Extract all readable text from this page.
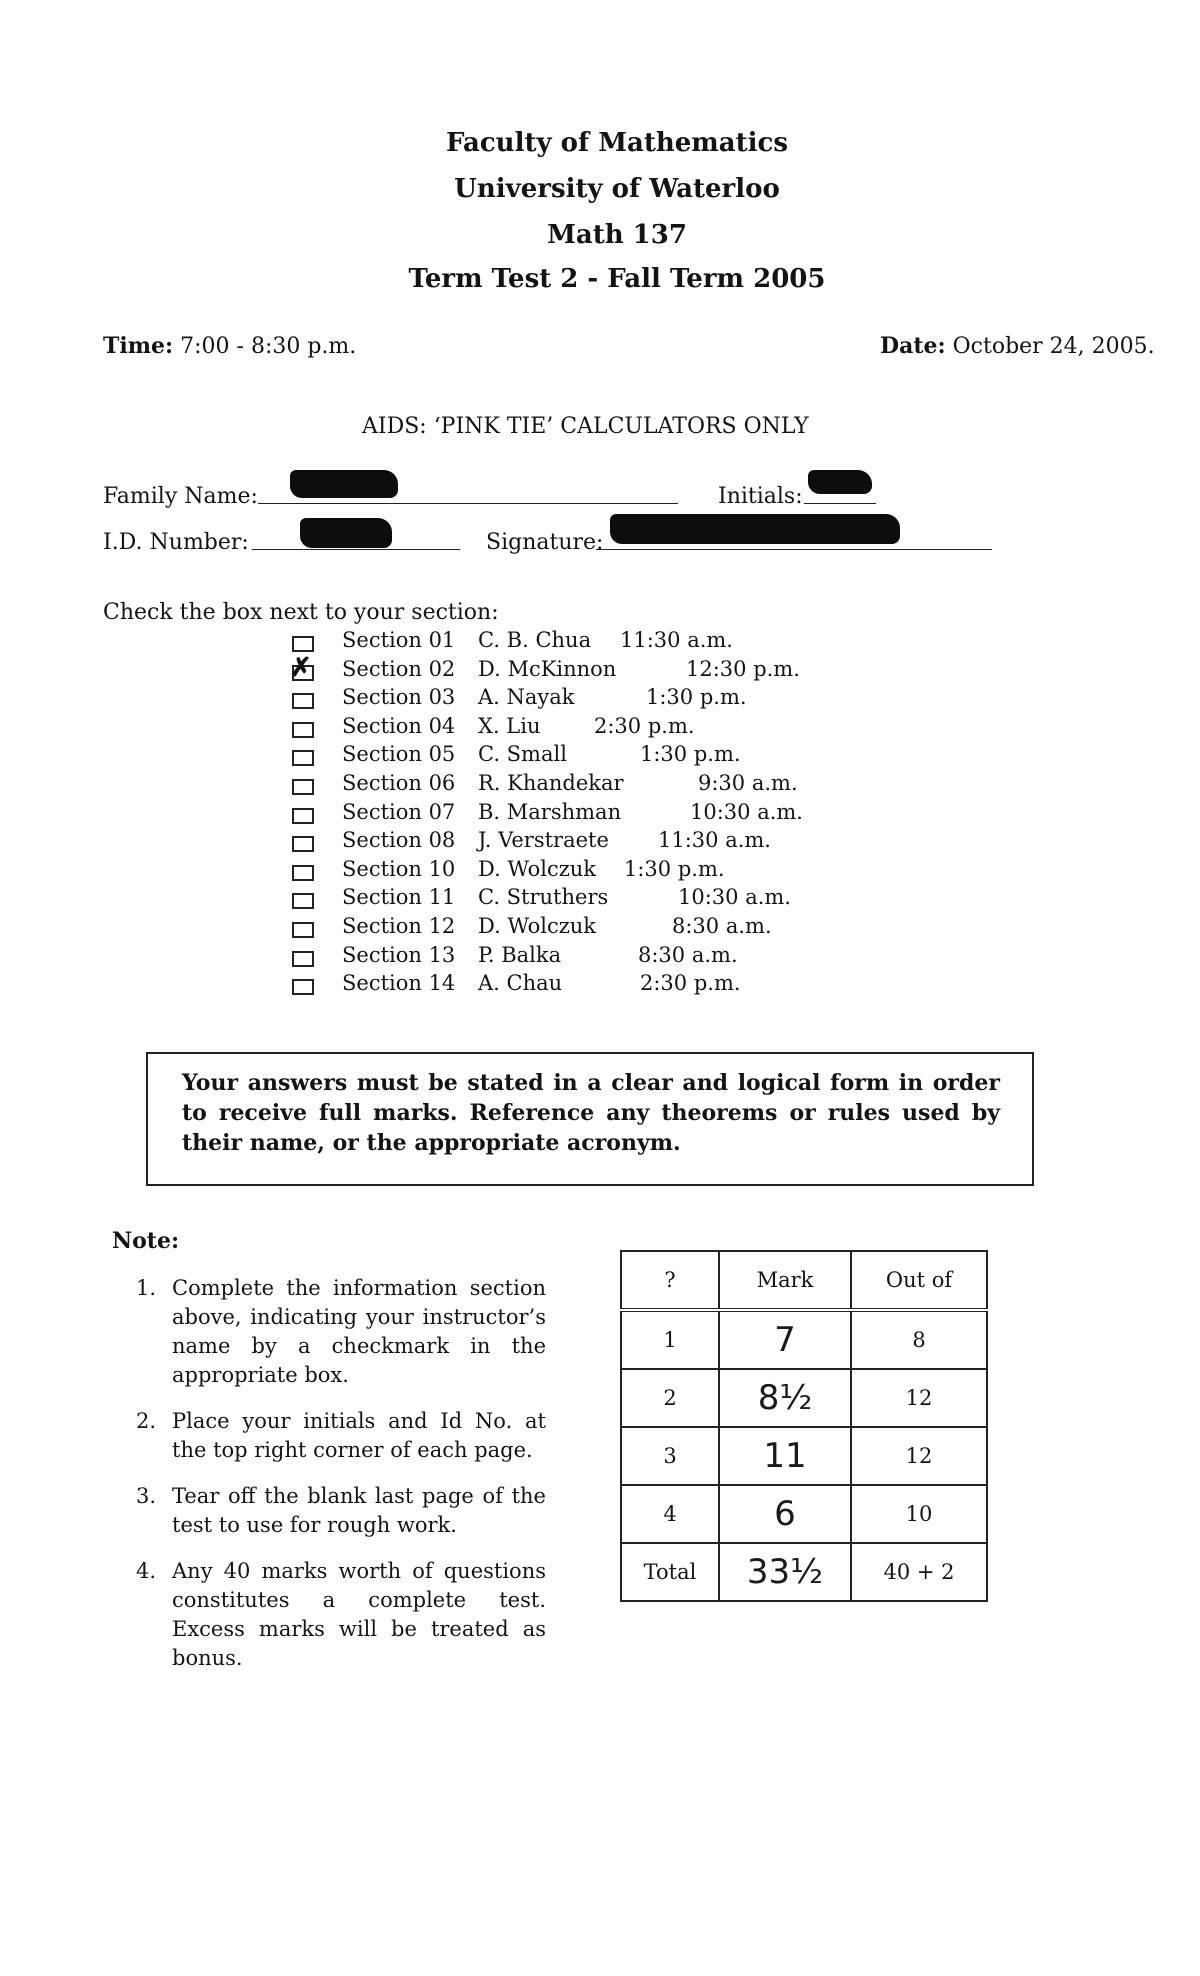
Faculty of Mathematics
University of Waterloo
Math 137
Term Test 2 - Fall Term 2005
Time: 7:00 - 8:30 p.m.	Date: October 24, 2005.
AIDS: ‘PINK TIE’ CALCULATORS ONLY
Family Name:	Initials:
I.D. Number:	Signature:
Check the box next to your section:
Section 01 C. B. Chua 11:30 a.m.
✗ Section 02 D. McKinnon	12:30 p.m.
Section 03 A. Nayak	1:30 p.m.
Section 04 X. Liu	2:30 p.m.
Section 05 C. Small	1:30 p.m.
Section 06 R. Khandekar	9:30 a.m.
Section 07 B. Marshman	10:30 a.m.
Section 08 J. Verstraete 11:30 a.m.
Section 10 D. Wolczuk 1:30 p.m.
Section 11 C. Struthers	10:30 a.m.
Section 12 D. Wolczuk	8:30 a.m.
Section 13 P. Balka	8:30 a.m.
Section 14 A. Chau	2:30 p.m.
Your answers must be stated in a clear and logical form in order to receive full marks. Reference any theorems or rules used by their name, or the appropriate acronym.
Note:
1. Complete the information section above, indicating your instructor’s name by a checkmark in the appropriate box.
2. Place your initials and Id No. at the top right corner of each page.
3. Tear off the blank last page of the test to use for rough work.
4. Any 40 marks worth of questions constitutes a complete test. Excess marks will be treated as bonus.
?	Mark	Out of
1	7	8
2	8½	12
3	11	12
4	6	10
Total	33½	40 + 2
